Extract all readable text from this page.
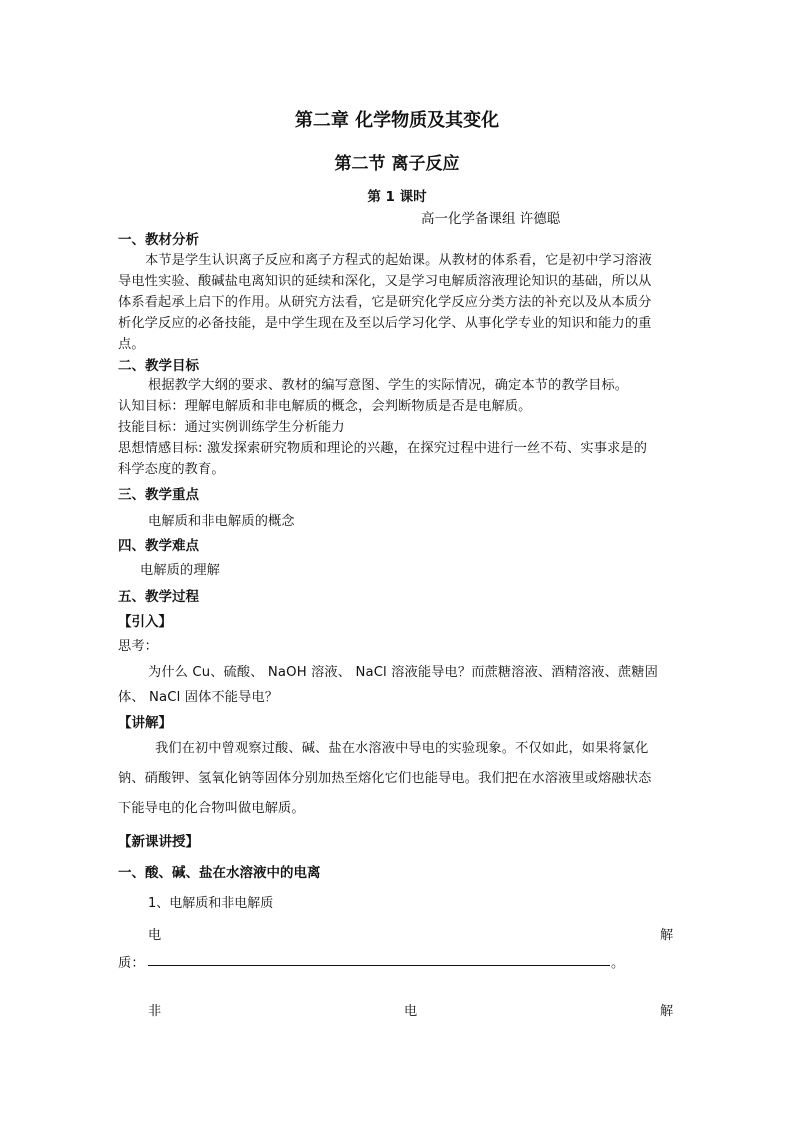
第二章 化学物质及其变化
第二节 离子反应
第 1 课时
高一化学备课组 许德聪
一、教材分析
本节是学生认识离子反应和离子方程式的起始课。从教材的体系看，它是初中学习溶液
导电性实验、酸碱盐电离知识的延续和深化，又是学习电解质溶液理论知识的基础，所以从
体系看起承上启下的作用。从研究方法看，它是研究化学反应分类方法的补充以及从本质分
析化学反应的必备技能，是中学生现在及至以后学习化学、从事化学专业的知识和能力的重
点。
二、教学目标
根据教学大纲的要求、教材的编写意图、学生的实际情况，确定本节的教学目标。
认知目标：理解电解质和非电解质的概念，会判断物质是否是电解质。
技能目标：通过实例训练学生分析能力
思想情感目标: 激发探索研究物质和理论的兴趣，在探究过程中进行一丝不苟、实事求是的
科学态度的教育。
三、教学重点
电解质和非电解质的概念
四、教学难点
电解质的理解
五、教学过程
【引入】
思考：
为什么 Cu、硫酸、 NaOH 溶液、 NaCl 溶液能导电？而蔗糖溶液、酒精溶液、蔗糖固
体、 NaCl 固体不能导电？
【讲解】
我们在初中曾观察过酸、碱、盐在水溶液中导电的实验现象。不仅如此，如果将氯化
钠、硝酸钾、氢氧化钠等固体分别加热至熔化它们也能导电。我们把在水溶液里或熔融状态
下能导电的化合物叫做电解质。
【新课讲授】
一、酸、碱、盐在水溶液中的电离
1、电解质和非电解质
电	解
质：	。
非	电	解
